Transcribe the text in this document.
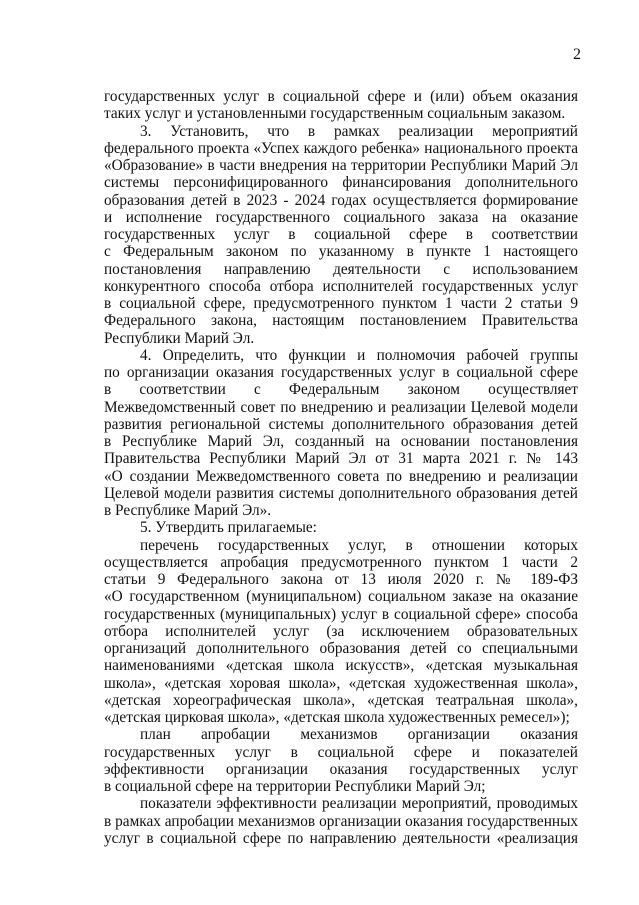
2
государственных услуг в социальной сфере и (или) объем оказания
таких услуг и установленными государственным социальным заказом.
3. Установить, что в рамках реализации мероприятий
федерального проекта «Успех каждого ребенка» национального проекта
«Образование» в части внедрения на территории Республики Марий Эл
системы персонифицированного финансирования дополнительного
образования детей в 2023 - 2024 годах осуществляется формирование
и исполнение государственного социального заказа на оказание
государственных услуг в социальной сфере в соответствии
с Федеральным законом по указанному в пункте 1 настоящего
постановления направлению деятельности с использованием
конкурентного способа отбора исполнителей государственных услуг
в социальной сфере, предусмотренного пунктом 1 части 2 статьи 9
Федерального закона, настоящим постановлением Правительства
Республики Марий Эл.
4. Определить, что функции и полномочия рабочей группы
по организации оказания государственных услуг в социальной сфере
в соответствии с Федеральным законом осуществляет
Межведомственный совет по внедрению и реализации Целевой модели
развития региональной системы дополнительного образования детей
в Республике Марий Эл, созданный на основании постановления
Правительства Республики Марий Эл от 31 марта 2021 г. № 143
«О создании Межведомственного совета по внедрению и реализации
Целевой модели развития системы дополнительного образования детей
в Республике Марий Эл».
5. Утвердить прилагаемые:
перечень государственных услуг, в отношении которых
осуществляется апробация предусмотренного пунктом 1 части 2
статьи 9 Федерального закона от 13 июля 2020 г. № 189-ФЗ
«О государственном (муниципальном) социальном заказе на оказание
государственных (муниципальных) услуг в социальной сфере» способа
отбора исполнителей услуг (за исключением образовательных
организаций дополнительного образования детей со специальными
наименованиями «детская школа искусств», «детская музыкальная
школа», «детская хоровая школа», «детская художественная школа»,
«детская хореографическая школа», «детская театральная школа»,
«детская цирковая школа», «детская школа художественных ремесел»);
план апробации механизмов организации оказания
государственных услуг в социальной сфере и показателей
эффективности организации оказания государственных услуг
в социальной сфере на территории Республики Марий Эл;
показатели эффективности реализации мероприятий, проводимых
в рамках апробации механизмов организации оказания государственных
услуг в социальной сфере по направлению деятельности «реализация
